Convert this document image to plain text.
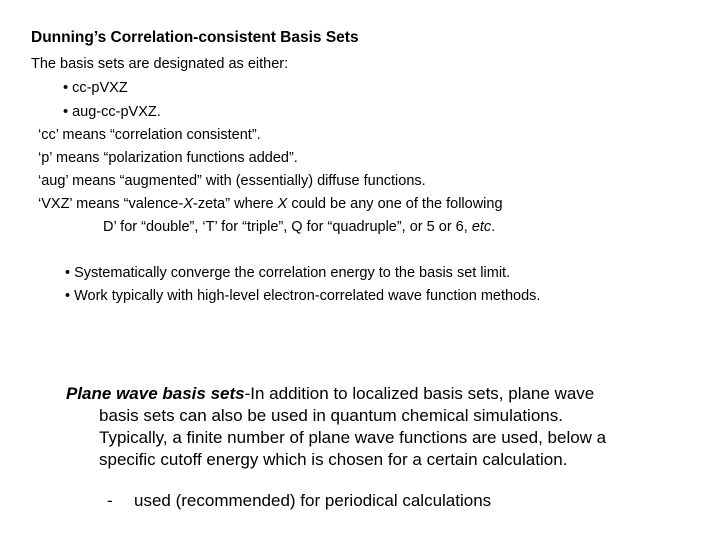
Dunning’s Correlation-consistent Basis Sets
The basis sets are designated as either:
• cc-pVXZ
• aug-cc-pVXZ.
‘cc’ means “correlation consistent”.
‘p’ means “polarization functions added”.
‘aug’ means “augmented” with (essentially) diffuse functions.
‘VXZ’ means “valence-X-zeta” where X could be any one of the following
D’ for “double”, ‘T’ for “triple”, Q for “quadruple”, or 5 or 6, etc.
• Systematically converge the correlation energy to the basis set limit.
• Work typically with high-level electron-correlated wave function methods.
Plane wave basis sets-In addition to localized basis sets, plane wave
basis sets can also be used in quantum chemical simulations.
Typically, a finite number of plane wave functions are used, below a
specific cutoff energy which is chosen for a certain calculation.
- used (recommended) for periodical calculations
